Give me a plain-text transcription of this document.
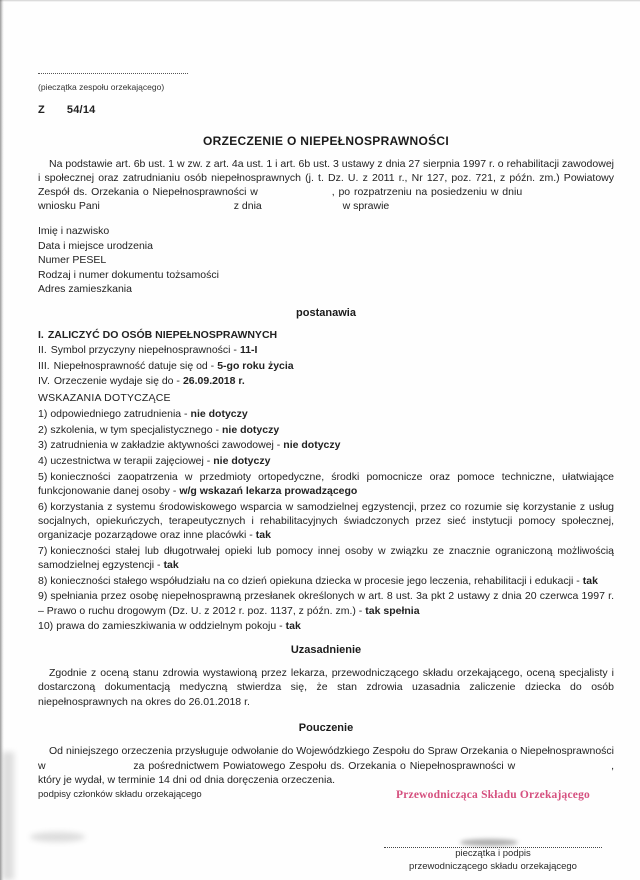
(pieczątka zespołu orzekającego)
Z 54/14
ORZECZENIE O NIEPEŁNOSPRAWNOŚCI

Na podstawie art. 6b ust. 1 w zw. z art. 4a ust. 1 i art. 6b ust. 3 ustawy z dnia 27 sierpnia 1997 r. o rehabilitacji zawodowej i społecznej oraz zatrudnianiu osób niepełnosprawnych (j. t. Dz. U. z 2011 r., Nr 127, poz. 721, z późn. zm.) Powiatowy Zespół ds. Orzekania o Niepełnosprawności w	, po rozpatrzeniu na posiedzeniu w dniu  wniosku Pani	z dnia	w sprawie

Imię i nazwisko
Data i miejsce urodzenia
Numer PESEL
Rodzaj i numer dokumentu tożsamości
Adres zamieszkania
postanawia
I. ZALICZYĆ DO OSÓB NIEPEŁNOSPRAWNYCH
II. Symbol przyczyny niepełnosprawności - 11-I
III. Niepełnosprawność datuje się od - 5-go roku życia
IV. Orzeczenie wydaje się do - 26.09.2018 r.
WSKAZANIA DOTYCZĄCE
1) odpowiedniego zatrudnienia - nie dotyczy
2) szkolenia, w tym specjalistycznego - nie dotyczy
3) zatrudnienia w zakładzie aktywności zawodowej - nie dotyczy
4) uczestnictwa w terapii zajęciowej - nie dotyczy
5) konieczności zaopatrzenia w przedmioty ortopedyczne, środki pomocnicze oraz pomoce techniczne, ułatwiające funkcjonowanie danej osoby - w/g wskazań lekarza prowadzącego
6) korzystania z systemu środowiskowego wsparcia w samodzielnej egzystencji, przez co rozumie się korzystanie z usług socjalnych, opiekuńczych, terapeutycznych i rehabilitacyjnych świadczonych przez sieć instytucji pomocy społecznej, organizacje pozarządowe oraz inne placówki - tak
7) konieczności stałej lub długotrwałej opieki lub pomocy innej osoby w związku ze znacznie ograniczoną możliwością samodzielnej egzystencji - tak
8) konieczności stałego współudziału na co dzień opiekuna dziecka w procesie jego leczenia, rehabilitacji i edukacji - tak
9) spełniania przez osobę niepełnosprawną przesłanek określonych w art. 8 ust. 3a pkt 2 ustawy z dnia 20 czerwca 1997 r. – Prawo o ruchu drogowym (Dz. U. z 2012 r. poz. 1137, z późn. zm.) - tak spełnia
10) prawa do zamieszkiwania w oddzielnym pokoju - tak
Uzasadnienie

Zgodnie z oceną stanu zdrowia wystawioną przez lekarza, przewodniczącego składu orzekającego, oceną specjalisty i dostarczoną dokumentacją medyczną stwierdza się, że stan zdrowia uzasadnia zaliczenie dziecka do osób niepełnosprawnych na okres do 26.01.2018 r.

Pouczenie

Od niniejszego orzeczenia przysługuje odwołanie do Wojewódzkiego Zespołu do Spraw Orzekania o Niepełnosprawności w	za pośrednictwem Powiatowego Zespołu ds. Orzekania o Niepełnosprawności w	, który je wydał, w terminie 14 dni od dnia doręczenia orzeczenia.

podpisy członków składu orzekającego	Przewodnicząca Składu Orzekającego
pieczątka i podpis
przewodniczącego składu orzekającego
